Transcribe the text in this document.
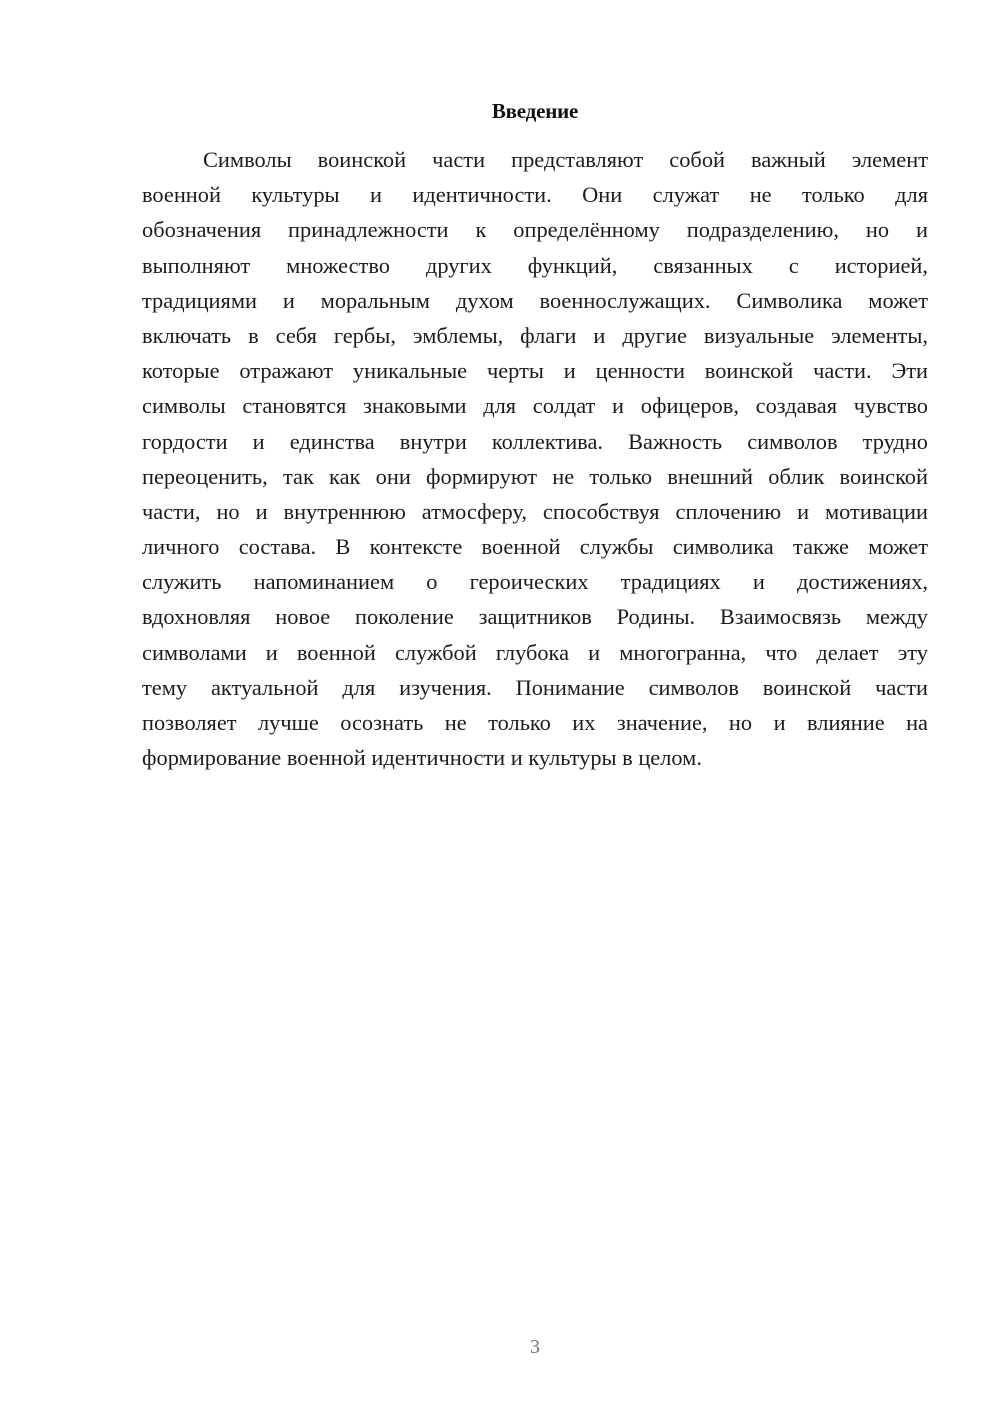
Введение
Символы воинской части представляют собой важный элемент
военной культуры и идентичности. Они служат не только для
обозначения принадлежности к определённому подразделению, но и
выполняют множество других функций, связанных с историей,
традициями и моральным духом военнослужащих. Символика может
включать в себя гербы, эмблемы, флаги и другие визуальные элементы,
которые отражают уникальные черты и ценности воинской части. Эти
символы становятся знаковыми для солдат и офицеров, создавая чувство
гордости и единства внутри коллектива. Важность символов трудно
переоценить, так как они формируют не только внешний облик воинской
части, но и внутреннюю атмосферу, способствуя сплочению и мотивации
личного состава. В контексте военной службы символика также может
служить напоминанием о героических традициях и достижениях,
вдохновляя новое поколение защитников Родины. Взаимосвязь между
символами и военной службой глубока и многогранна, что делает эту
тему актуальной для изучения. Понимание символов воинской части
позволяет лучше осознать не только их значение, но и влияние на
формирование военной идентичности и культуры в целом.
3
